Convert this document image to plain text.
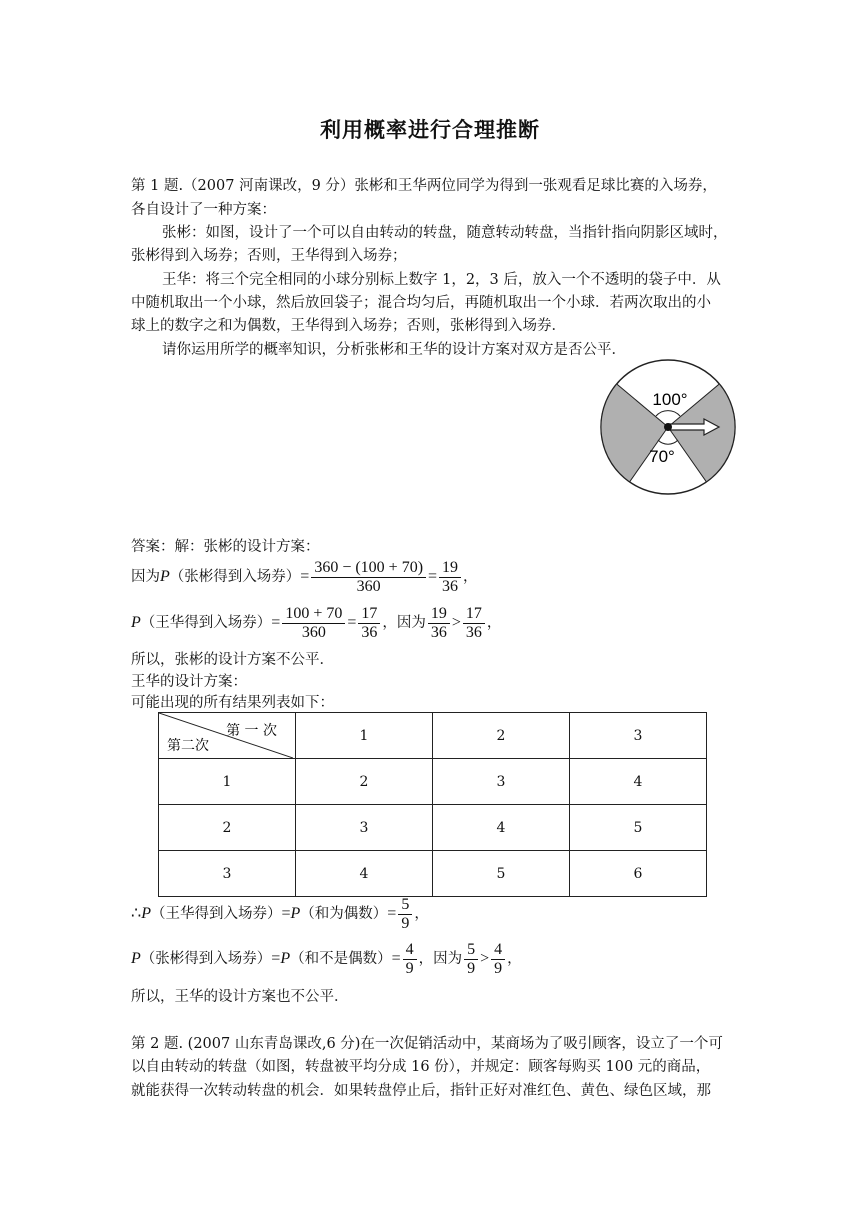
利用概率进行合理推断
第 1 题.（2007 河南课改，9 分）张彬和王华两位同学为得到一张观看足球比赛的入场券，
各自设计了一种方案：
张彬：如图，设计了一个可以自由转动的转盘，随意转动转盘，当指针指向阴影区域时，
张彬得到入场券；否则，王华得到入场券；
王华：将三个完全相同的小球分别标上数字 1，2，3 后，放入一个不透明的袋子中．从
中随机取出一个小球，然后放回袋子；混合均匀后，再随机取出一个小球．若两次取出的小
球上的数字之和为偶数，王华得到入场券；否则，张彬得到入场券．
请你运用所学的概率知识，分析张彬和王华的设计方案对双方是否公平．
100°
70°
答案：解：张彬的设计方案：
因为P（张彬得到入场券）= $\frac{360 - (100 + 70)}{360} = \frac{19}{36}$ ，
P（王华得到入场券）= $\frac{100 + 70}{360} = \frac{17}{36}$ ，因为 $\frac{19}{36} > \frac{17}{36}$ ，
所以，张彬的设计方案不公平．
王华的设计方案：
可能出现的所有结果列表如下：
第 一 次
第二次	1	2	3
1	2	3	4
2	3	4	5
3	4	5	6
∴P（王华得到入场券）=P（和为偶数）= $\frac{5}{9}$ ，
P（张彬得到入场券）=P（和不是偶数）= $\frac{4}{9}$ ，因为 $\frac{5}{9} > \frac{4}{9}$ ，
所以，王华的设计方案也不公平．
第 2 题. (2007 山东青岛课改,6 分)在一次促销活动中，某商场为了吸引顾客，设立了一个可
以自由转动的转盘（如图，转盘被平均分成 16 份），并规定：顾客每购买 100 元的商品，
就能获得一次转动转盘的机会．如果转盘停止后，指针正好对准红色、黄色、绿色区域，那
